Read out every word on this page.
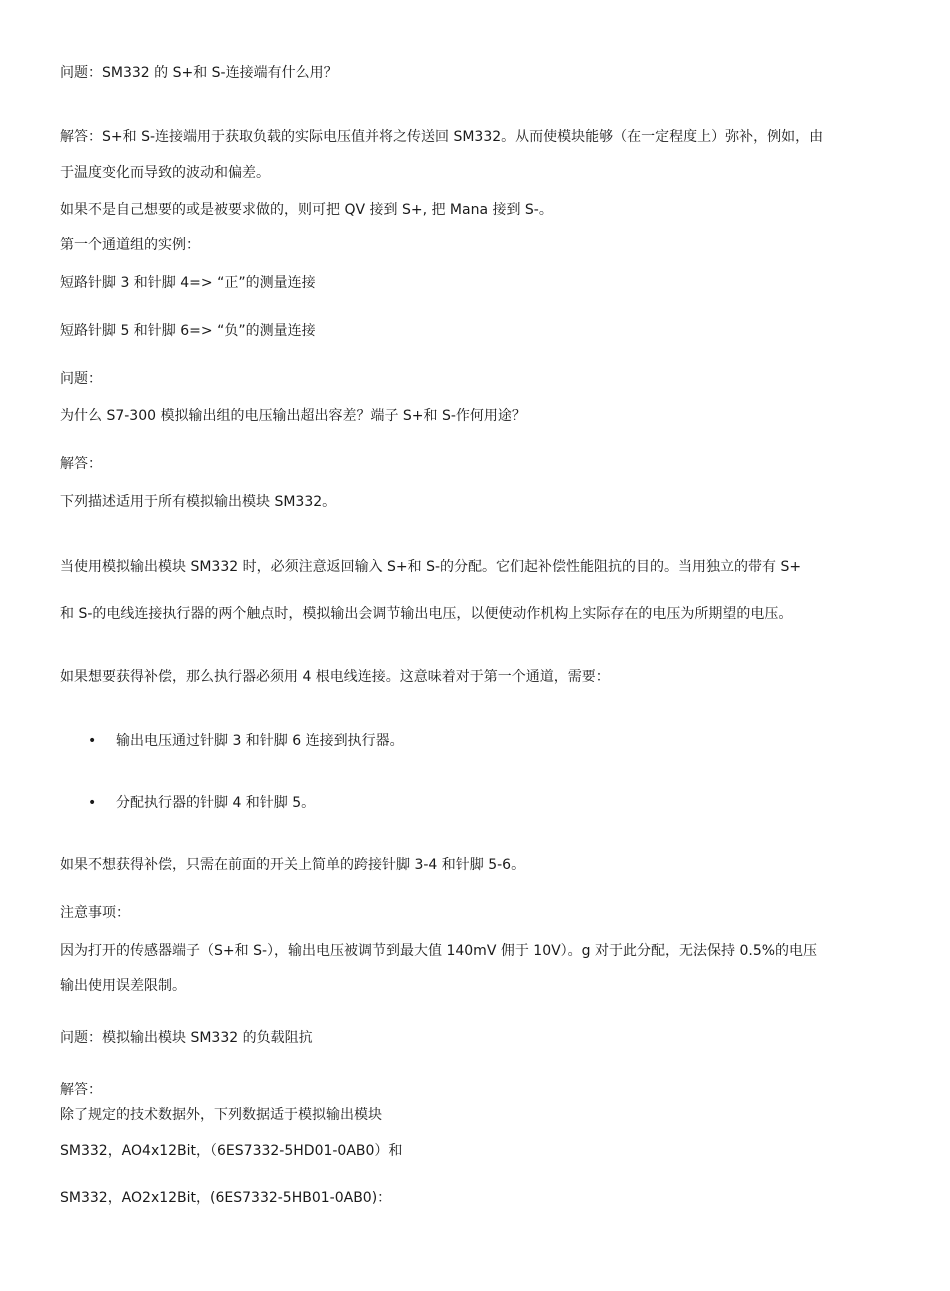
问题：SM332 的 S+和 S-连接端有什么用？
解答：S+和 S-连接端用于获取负载的实际电压值并将之传送回 SM332。从而使模块能够（在一定程度上）弥补，例如，由
于温度变化而导致的波动和偏差。
如果不是自己想要的或是被要求做的，则可把 QV 接到 S+, 把 Mana 接到 S-。
第一个通道组的实例：
短路针脚 3 和针脚 4=> “正”的测量连接
短路针脚 5 和针脚 6=> “负”的测量连接
问题：
为什么 S7-300 模拟输出组的电压输出超出容差？端子 S+和 S-作何用途？
解答：
下列描述适用于所有模拟输出模块 SM332。
当使用模拟输出模块 SM332 时，必须注意返回输入 S+和 S-的分配。它们起补偿性能阻抗的目的。当用独立的带有 S+
和 S-的电线连接执行器的两个触点时，模拟输出会调节输出电压，以便使动作机构上实际存在的电压为所期望的电压。
如果想要获得补偿，那么执行器必须用 4 根电线连接。这意味着对于第一个通道，需要：
• 输出电压通过针脚 3 和针脚 6 连接到执行器。
• 分配执行器的针脚 4 和针脚 5。
如果不想获得补偿，只需在前面的开关上简单的跨接针脚 3-4 和针脚 5-6。
注意事项：
因为打开的传感器端子（S+和 S-），输出电压被调节到最大值 140mV 佣于 10V）。g 对于此分配，无法保持 0.5%的电压
输出使用误差限制。
问题：模拟输出模块 SM332 的负载阻抗
解答：
除了规定的技术数据外，下列数据适于模拟输出模块
SM332，AO4x12Bit，（6ES7332-5HD01-0AB0）和
SM332，AO2x12Bit，(6ES7332-5HB01-0AB0)：
